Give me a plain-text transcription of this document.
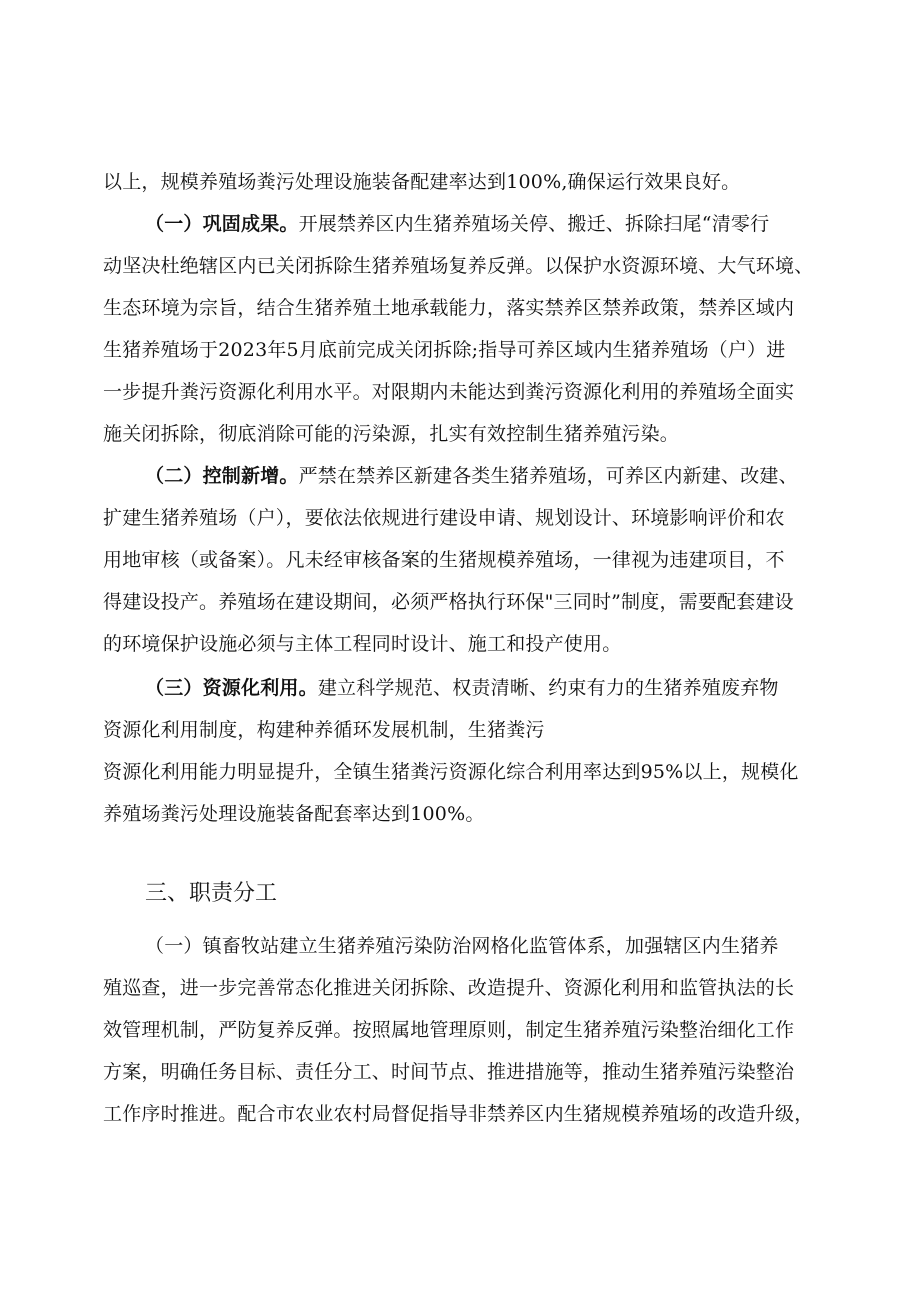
以上，规模养殖场粪污处理设施装备配建率达到100%,确保运行效果良好。

（一）巩固成果。开展禁养区内生猪养殖场关停、搬迁、拆除扫尾“清零行

动坚决杜绝辖区内已关闭拆除生猪养殖场复养反弹。以保护水资源环境、大气环境、

生态环境为宗旨，结合生猪养殖土地承载能力，落实禁养区禁养政策，禁养区域内

生猪养殖场于2023年5月底前完成关闭拆除;指导可养区域内生猪养殖场（户）进

一步提升粪污资源化利用水平。对限期内未能达到粪污资源化利用的养殖场全面实

施关闭拆除，彻底消除可能的污染源，扎实有效控制生猪养殖污染。

（二）控制新增。严禁在禁养区新建各类生猪养殖场，可养区内新建、改建、

扩建生猪养殖场（户），要依法依规进行建设申请、规划设计、环境影响评价和农

用地审核（或备案）。凡未经审核备案的生猪规模养殖场，一律视为违建项目，不

得建设投产。养殖场在建设期间，必须严格执行环保"三同时”制度，需要配套建设

的环境保护设施必须与主体工程同时设计、施工和投产使用。

（三）资源化利用。建立科学规范、权责清晰、约束有力的生猪养殖废弃物

资源化利用制度，构建种养循环发展机制，生猪粪污

资源化利用能力明显提升，全镇生猪粪污资源化综合利用率达到95%以上，规模化

养殖场粪污处理设施装备配套率达到100%。

三、职责分工

（一）镇畜牧站建立生猪养殖污染防治网格化监管体系，加强辖区内生猪养

殖巡查，进一步完善常态化推进关闭拆除、改造提升、资源化利用和监管执法的长

效管理机制，严防复养反弹。按照属地管理原则，制定生猪养殖污染整治细化工作

方案，明确任务目标、责任分工、时间节点、推进措施等，推动生猪养殖污染整治

工作序时推进。配合市农业农村局督促指导非禁养区内生猪规模养殖场的改造升级，
